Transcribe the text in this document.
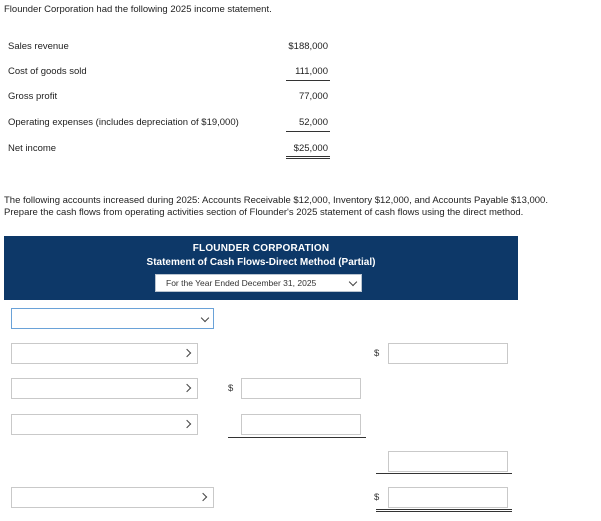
Flounder Corporation had the following 2025 income statement.
Sales revenue	$188,000
Cost of goods sold	111,000
Gross profit	77,000
Operating expenses (includes depreciation of $19,000)	52,000
Net income	$25,000
The following accounts increased during 2025: Accounts Receivable $12,000, Inventory $12,000, and Accounts Payable $13,000.
Prepare the cash flows from operating activities section of Flounder's 2025 statement of cash flows using the direct method.
FLOUNDER CORPORATION
Statement of Cash Flows-Direct Method (Partial)
For the Year Ended December 31, 2025
$
$
$
